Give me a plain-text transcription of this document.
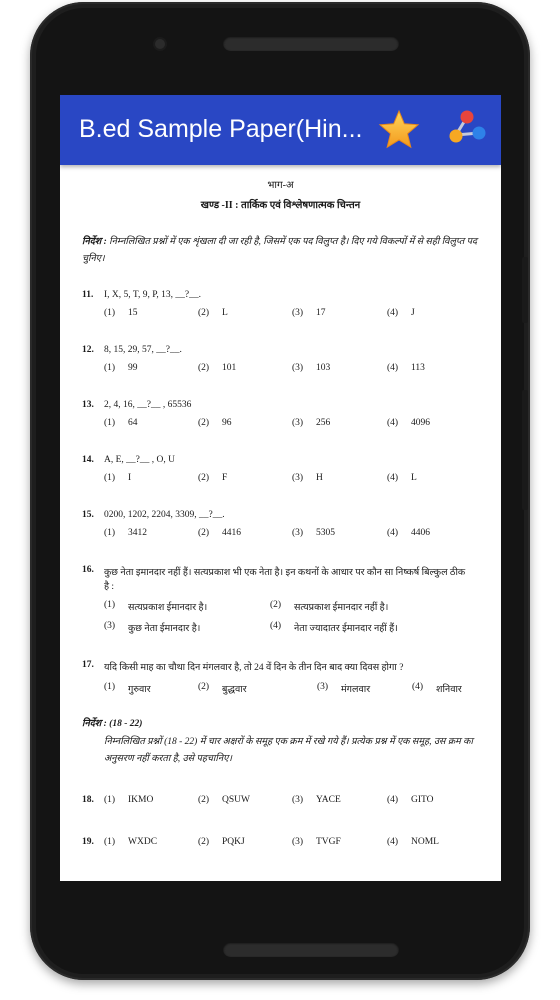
B.ed Sample Paper(Hin...
भाग-अ
खण्ड -II : तार्किक एवं विश्लेषणात्मक चिन्तन
निर्देश : निम्नलिखित प्रश्नों में एक शृंखला दी जा रही है, जिसमें एक पद विलुप्त है। दिए गये विकल्पों में से सही विलुप्त पद चुनिए।
11. I, X, 5, T, 9, P, 13, __?__.
(1) 15	(2) L	(3) 17	(4) J
12. 8, 15, 29, 57, __?__.
(1) 99	(2) 101	(3) 103	(4) 113
13. 2, 4, 16, __?__ , 65536
(1) 64	(2) 96	(3) 256	(4) 4096
14. A, E, __?__ , O, U
(1) I	(2) F	(3) H	(4) L
15. 0200, 1202, 2204, 3309, __?__.
(1) 3412	(2) 4416	(3) 5305	(4) 4406
16. कुछ नेता इमानदार नहीं हैं। सत्यप्रकाश भी एक नेता है। इन कथनों के आधार पर कौन सा निष्कर्ष बिल्कुल ठीक
है :
(1) सत्यप्रकाश ईमानदार है।	(2) सत्यप्रकाश ईमानदार नहीं है।
(3) कुछ नेता ईमानदार है।	(4) नेता ज्यादातर ईमानदार नहीं हैं।
17. यदि किसी माह का चौथा दिन मंगलवार है, तो 24 वें दिन के तीन दिन बाद क्या दिवस होगा ?
(1) गुरुवार	(2) बुद्धवार	(3) मंगलवार	(4) शनिवार
निर्देश : (18 - 22)
निम्नलिखित प्रश्नों (18 - 22) में चार अक्षरों के समूह एक क्रम में रखे गये हैं। प्रत्येक प्रश्न में एक समूह, उस क्रम का अनुसरण नहीं करता है, उसे पहचानिए।
18. (1) IKMO	(2) QSUW	(3) YACE	(4) GITO
19. (1) WXDC	(2) PQKJ	(3) TVGF	(4) NOML
